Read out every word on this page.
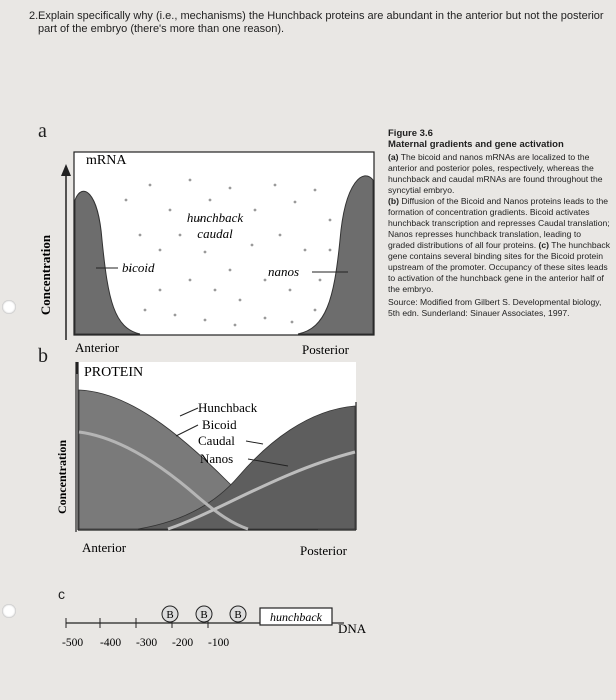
2. Explain specifically why (i.e., mechanisms) the Hunchback proteins are abundant in the anterior but not the posterior part of the embryo (there's more than one reason).
a
b
c
Concentration
hunchback
caudal
bicoid	nanos
mRNA
Anterior	Posterior
PROTEIN
Concentration
Hunchback
Bicoid
Caudal
Nanos
Anterior	Posterior
B B B hunchback
DNA
-500 -400 -300 -200 -100
Figure 3.6
Maternal gradients and gene activation

(a) The bicoid and nanos mRNAs are localized to the anterior and posterior poles, respectively, whereas the hunchback and caudal mRNAs are found throughout the syncytial embryo.

(b) Diffusion of the Bicoid and Nanos proteins leads to the formation of concentration gradients. Bicoid activates hunchback transcription and represses Caudal translation; Nanos represses hunchback translation, leading to graded distributions of all four proteins. (c) The hunchback gene contains several binding sites for the Bicoid protein upstream of the promoter. Occupancy of these sites leads to activation of the hunchback gene in the anterior half of the embryo.

Source: Modified from Gilbert S. Developmental biology, 5th edn. Sunderland: Sinauer Associates, 1997.
